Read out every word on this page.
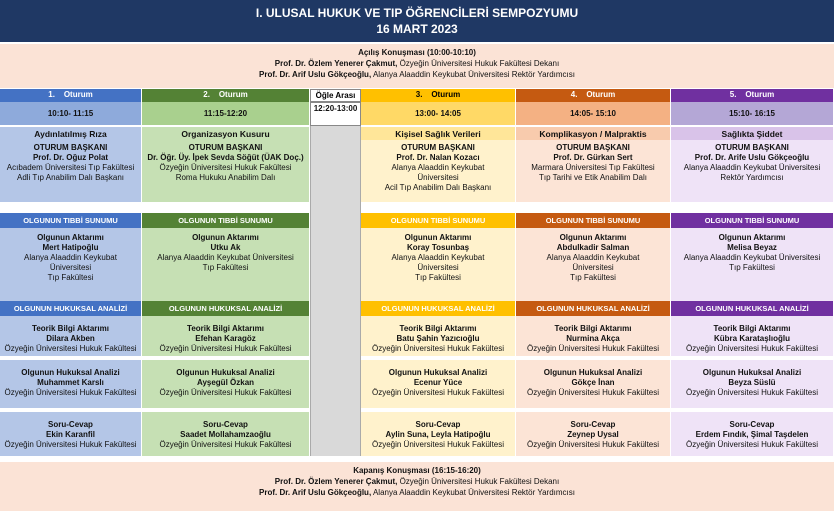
I. ULUSAL HUKUK VE TIP ÖĞRENCİLERİ SEMPOZYUMU
16 MART 2023
Açılış Konuşması (10:00-10:10)
Prof. Dr. Özlem Yenerer Çakmut, Özyeğin Üniversitesi Hukuk Fakültesi Dekanı
Prof. Dr. Arif Uslu Gökçeoğlu, Alanya Alaaddin Keykubat Üniversitesi Rektör Yardımcısı
Öğle Arası
12:20-13:00
1.    Oturum
10:10- 11:15
Aydınlatılmış Rıza
OTURUM BAŞKANI
Prof. Dr. Oğuz Polat
Acıbadem Üniversitesi Tıp Fakültesi
Adli Tıp Anabilim Dalı Başkanı
OLGUNUN TIBBİ SUNUMU
Olgunun Aktarımı
Mert Hatipoğlu
Alanya Alaaddin Keykubat
Üniversitesi
Tıp Fakültesi
OLGUNUN HUKUKSAL ANALİZİ
Teorik Bilgi Aktarımı
Dilara Akben
Özyeğin Üniversitesi Hukuk Fakültesi
Olgunun Hukuksal Analizi
Muhammet Karslı
Özyeğin Üniversitesi Hukuk Fakültesi
Soru-Cevap
Ekin Karanfil
Özyeğin Üniversitesi Hukuk Fakültesi
2.    Oturum
11:15-12:20
Organizasyon Kusuru
OTURUM BAŞKANI
Dr. Öğr. Üy. İpek Sevda Söğüt (ÜAK Doç.)
Özyeğin Üniversitesi Hukuk Fakültesi
Roma Hukuku Anabilim Dalı
OLGUNUN TIBBİ SUNUMU
Olgunun Aktarımı
Utku Ak
Alanya Alaaddin Keykubat Üniversitesi
Tıp Fakültesi
OLGUNUN HUKUKSAL ANALİZİ
Teorik Bilgi Aktarımı
Efehan Karagöz
Özyeğin Üniversitesi Hukuk Fakültesi
Olgunun Hukuksal Analizi
Ayşegül Özkan
Özyeğin Üniversitesi Hukuk Fakültesi
Soru-Cevap
Saadet Mollahamzaoğlu
Özyeğin Üniversitesi Hukuk Fakültesi
3.    Oturum
13:00- 14:05
Kişisel Sağlık Verileri
OTURUM BAŞKANI
Prof. Dr. Nalan Kozacı
Alanya Alaaddin Keykubat
Üniversitesi
Acil Tıp Anabilim Dalı Başkanı
OLGUNUN TIBBİ SUNUMU
Olgunun Aktarımı
Koray Tosunbaş
Alanya Alaaddin Keykubat
Üniversitesi
Tıp Fakültesi
OLGUNUN HUKUKSAL ANALİZİ
Teorik Bilgi Aktarımı
Batu Şahin Yazıcıoğlu
Özyeğin Üniversitesi Hukuk Fakültesi
Olgunun Hukuksal Analizi
Ecenur Yüce
Özyeğin Üniversitesi Hukuk Fakültesi
Soru-Cevap
Aylin Suna, Leyla Hatipoğlu
Özyeğin Üniversitesi Hukuk Fakültesi
4.    Oturum
14:05- 15:10
Komplikasyon / Malpraktis
OTURUM BAŞKANI
Prof. Dr. Gürkan Sert
Marmara Üniversitesi Tıp Fakültesi
Tıp Tarihi ve Etik Anabilim Dalı
OLGUNUN TIBBİ SUNUMU
Olgunun Aktarımı
Abdulkadir Salman
Alanya Alaaddin Keykubat
Üniversitesi
Tıp Fakültesi
OLGUNUN HUKUKSAL ANALİZİ
Teorik Bilgi Aktarımı
Nurmina Akça
Özyeğin Üniversitesi Hukuk Fakültesi
Olgunun Hukuksal Analizi
Gökçe İnan
Özyeğin Üniversitesi Hukuk Fakültesi
Soru-Cevap
Zeynep Uysal
Özyeğin Üniversitesi Hukuk Fakültesi
5.    Oturum
15:10- 16:15
Sağlıkta Şiddet
OTURUM BAŞKANI
Prof. Dr. Arife Uslu Gökçeoğlu
Alanya Alaaddin Keykubat Üniversitesi
Rektör Yardımcısı
OLGUNUN TIBBİ SUNUMU
Olgunun Aktarımı
Melisa Beyaz
Alanya Alaaddin Keykubat Üniversitesi
Tıp Fakültesi
OLGUNUN HUKUKSAL ANALİZİ
Teorik Bilgi Aktarımı
Kübra Karataşlıoğlu
Özyeğin Üniversitesi Hukuk Fakültesi
Olgunun Hukuksal Analizi
Beyza Süslü
Özyeğin Üniversitesi Hukuk Fakültesi
Soru-Cevap
Erdem Fındık, Şimal Taşdelen
Özyeğin Üniversitesi Hukuk Fakültesi
Kapanış Konuşması (16:15-16:20)
Prof. Dr. Özlem Yenerer Çakmut, Özyeğin Üniversitesi Hukuk Fakültesi Dekanı
Prof. Dr. Arif Uslu Gökçeoğlu, Alanya Alaaddin Keykubat Üniversitesi Rektör Yardımcısı
